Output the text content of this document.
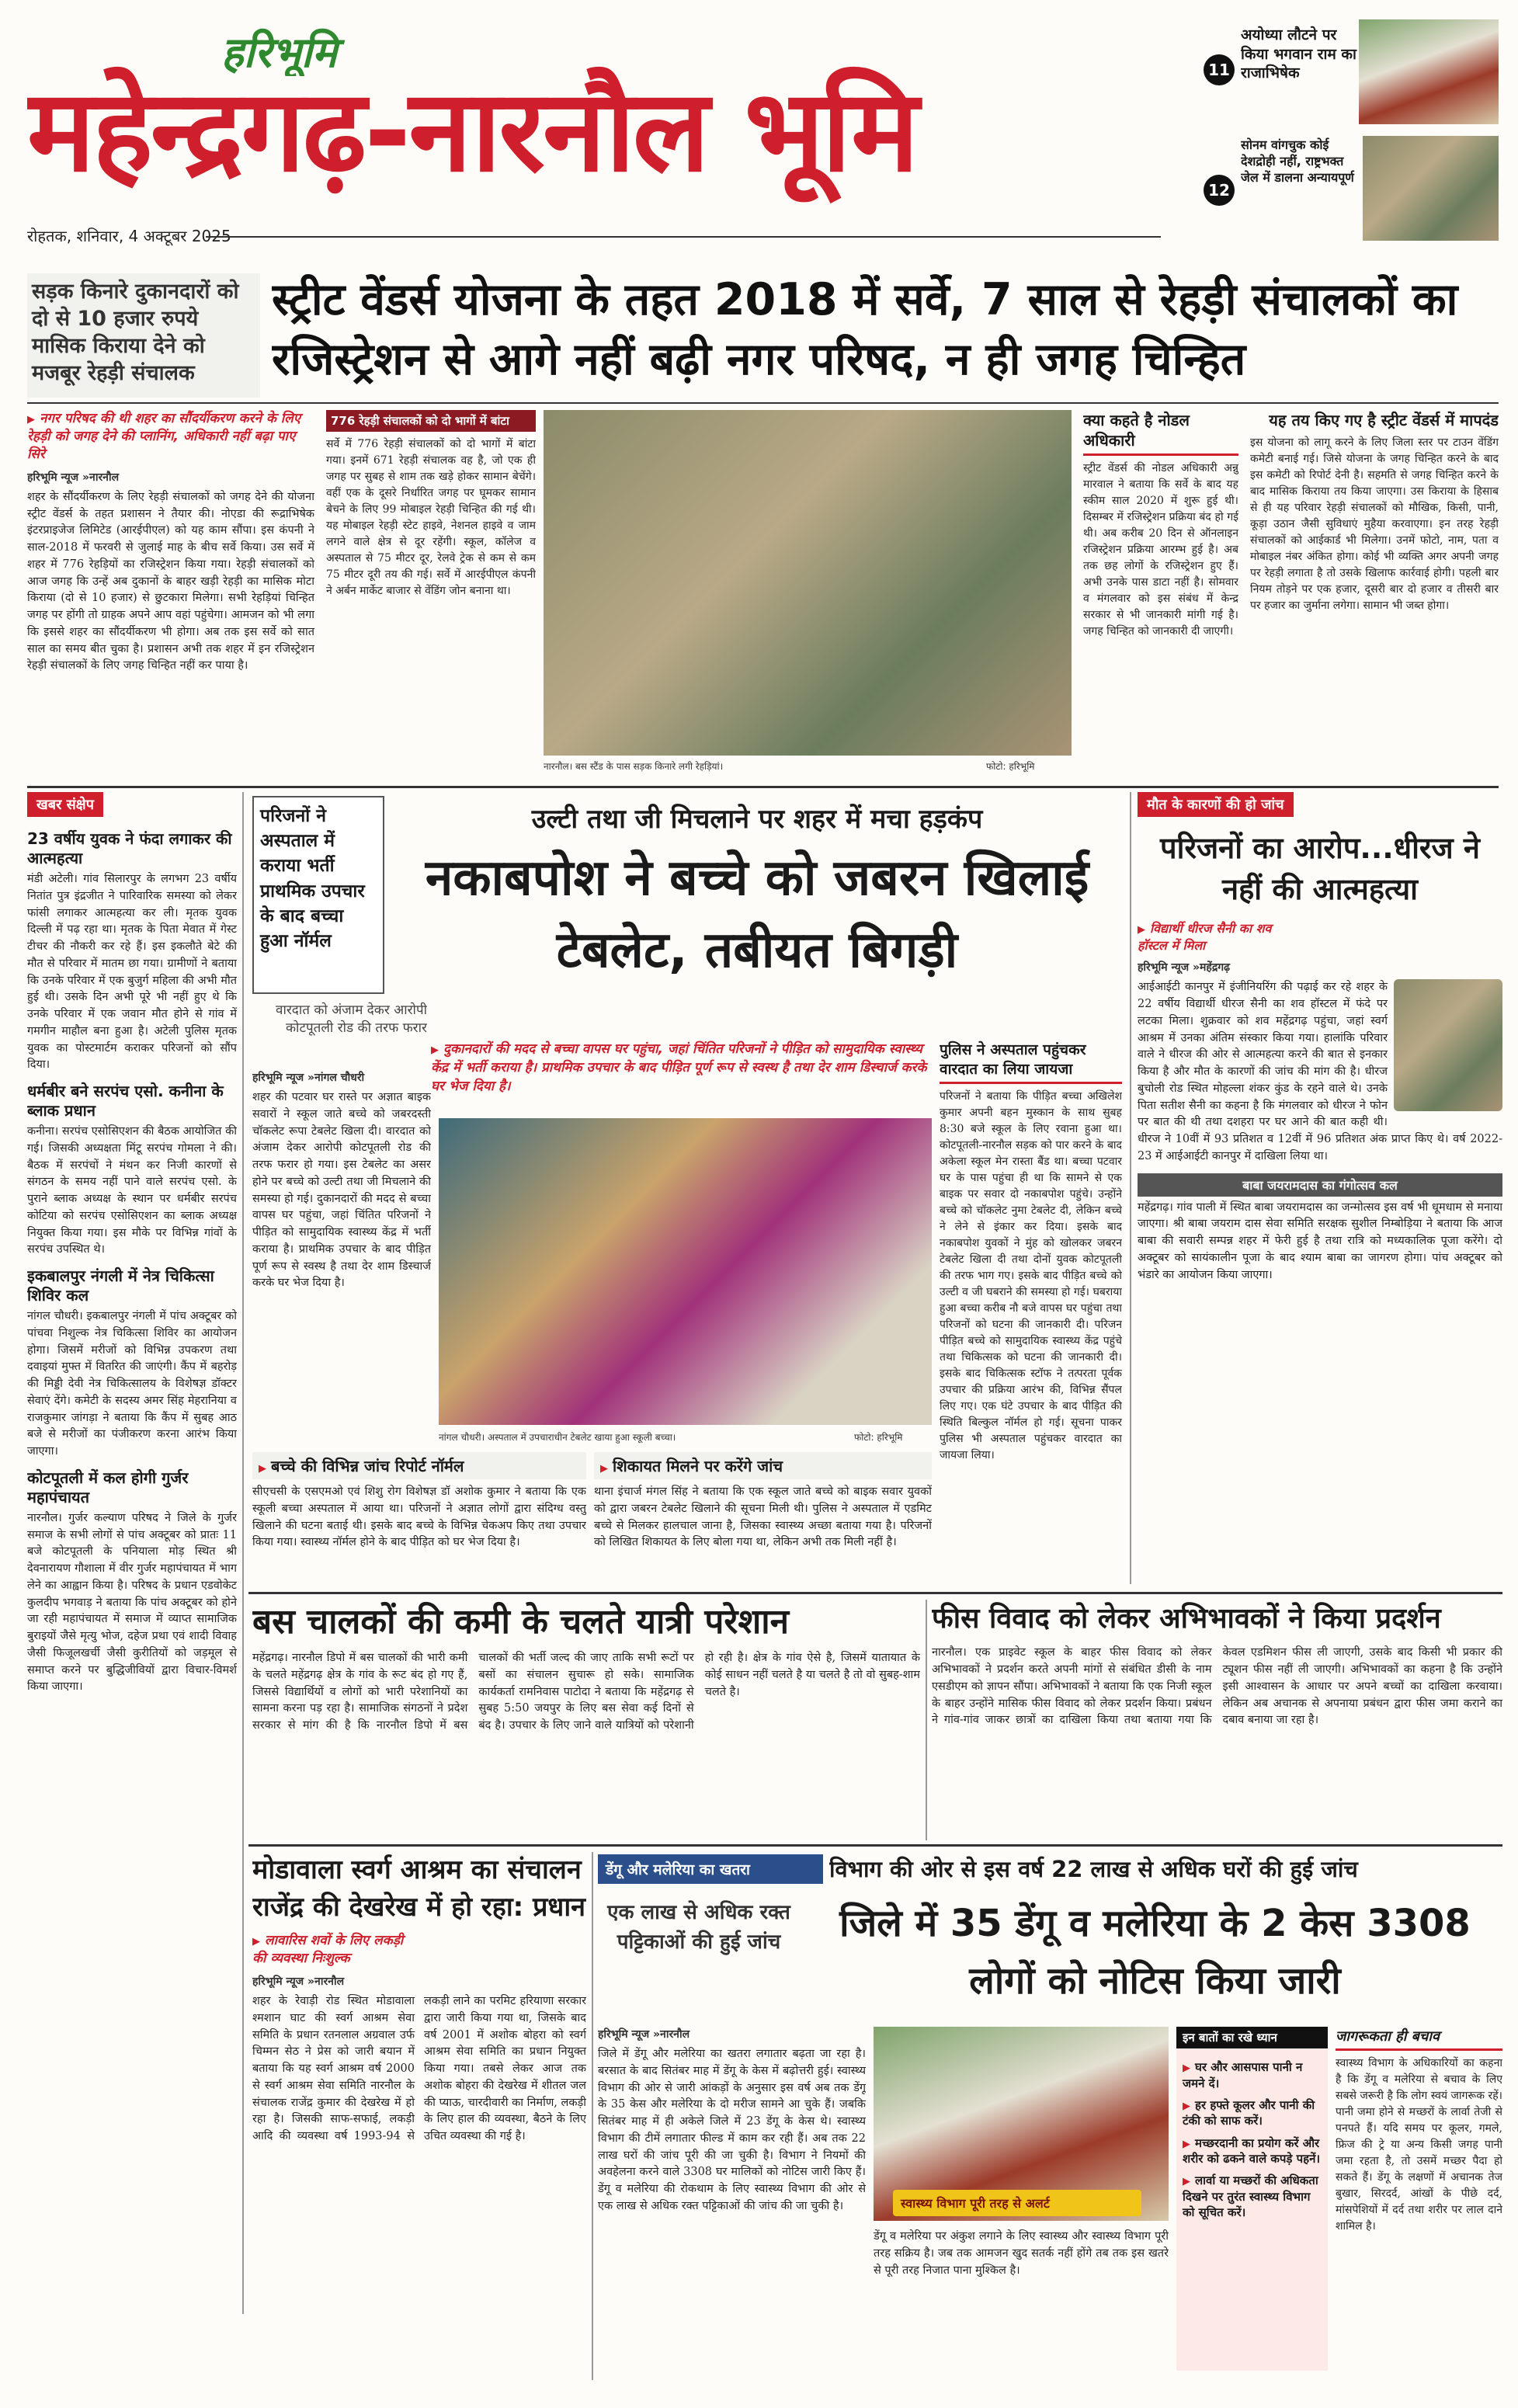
हरिभूमि
महेन्द्रगढ़-नारनौल भूमि
रोहतक, शनिवार, 4 अक्टूबर 2025
11
अयोध्या लौटने पर किया भगवान राम का राजाभिषेक
12
सोनम वांगचुक कोई देशद्रोही नहीं, राष्ट्रभक्त जेल में डालना अन्यायपूर्ण
सड़क किनारे दुकानदारों को दो से 10 हजार रुपये मासिक किराया देने को मजबूर रेहड़ी संचालक
स्ट्रीट वेंडर्स योजना के तहत 2018 में सर्वे, 7 साल से रेहड़ी संचालकों का रजिस्ट्रेशन से आगे नहीं बढ़ी नगर परिषद, न ही जगह चिन्हित
▶ नगर परिषद की थी शहर का सौंदर्यीकरण करने के लिए रेहड़ी को जगह देने की प्लानिंग, अधिकारी नहीं बढ़ा पाए सिरे
हरिभूमि न्यूज »नारनौल
शहर के सौंदर्यीकरण के लिए रेहड़ी संचालकों को जगह देने की योजना स्ट्रीट वेंडर्स के तहत प्रशासन ने तैयार की। नोएडा की रूद्राभिषेक इंटरप्राइजेज लिमिटेड (आरईपीएल) को यह काम सौंपा। इस कंपनी ने साल-2018 में फरवरी से जुलाई माह के बीच सर्वे किया। उस सर्वे में शहर में 776 रेहड़ियों का रजिस्ट्रेशन किया गया। रेहड़ी संचालकों को आज जगह कि उन्हें अब दुकानों के बाहर खड़ी रेहड़ी का मासिक मोटा किराया (दो से 10 हजार) से छुटकारा मिलेगा। सभी रेहड़ियां चिन्हित जगह पर होंगी तो ग्राहक अपने आप वहां पहुंचेगा। आमजन को भी लगा कि इससे शहर का सौंदर्यीकरण भी होगा। अब तक इस सर्वे को सात साल का समय बीत चुका है। प्रशासन अभी तक शहर में इन रजिस्ट्रेशन रेहड़ी संचालकों के लिए जगह चिन्हित नहीं कर पाया है।
776 रेहड़ी संचालकों को दो भागों में बांटा
सर्वे में 776 रेहड़ी संचालकों को दो भागों में बांटा गया। इनमें 671 रेहड़ी संचालक वह है, जो एक ही जगह पर सुबह से शाम तक खड़े होकर सामान बेचेंगे। वहीं एक के दूसरे निर्धारित जगह पर घूमकर सामान बेचने के लिए 99 मोबाइल रेहड़ी चिन्हित की गई थी। यह मोबाइल रेहड़ी स्टेट हाइवे, नेशनल हाइवे व जाम लगने वाले क्षेत्र से दूर रहेंगी। स्कूल, कॉलेज व अस्पताल से 75 मीटर दूर, रेलवे ट्रेक से कम से कम 75 मीटर दूरी तय की गई। सर्वे में आरईपीएल कंपनी ने अर्बन मार्केट बाजार से वेंडिंग जोन बनाना था।
नारनौल। बस स्टैंड के पास सड़क किनारे लगी रेहड़ियां।	फोटो: हरिभूमि
क्या कहते है नोडल अधिकारी
स्ट्रीट वेंडर्स की नोडल अधिकारी अन्नु मारवाल ने बताया कि सर्वे के बाद यह स्कीम साल 2020 में शुरू हुई थी। दिसम्बर में रजिस्ट्रेशन प्रक्रिया बंद हो गई थी। अब करीब 20 दिन से ऑनलाइन रजिस्ट्रेशन प्रक्रिया आरम्भ हुई है। अब तक छह लोगों के रजिस्ट्रेशन हुए हैं। अभी उनके पास डाटा नहीं है। सोमवार व मंगलवार को इस संबंध में केन्द्र सरकार से भी जानकारी मांगी गई है। जगह चिन्हित को जानकारी दी जाएगी।
यह तय किए गए है स्ट्रीट वेंडर्स में मापदंड
इस योजना को लागू करने के लिए जिला स्तर पर टाउन वेंडिंग कमेटी बनाई गई। जिसे योजना के जगह चिन्हित करने के बाद इस कमेटी को रिपोर्ट देनी है। सहमति से जगह चिन्हित करने के बाद मासिक किराया तय किया जाएगा। उस किराया के हिसाब से ही यह परिवार रेहड़ी संचालकों को मौखिक, किसी, पानी, कूड़ा उठान जैसी सुविधाएं मुहैया करवाएगा। इन तरह रेहड़ी संचालकों को आईकार्ड भी मिलेगा। उनमें फोटो, नाम, पता व मोबाइल नंबर अंकित होगा। कोई भी व्यक्ति अगर अपनी जगह पर रेहड़ी लगाता है तो उसके खिलाफ कार्रवाई होगी। पहली बार नियम तोड़ने पर एक हजार, दूसरी बार दो हजार व तीसरी बार पर हजार का जुर्माना लगेगा। सामान भी जब्त होगा।
खबर संक्षेप
23 वर्षीय युवक ने फंदा लगाकर की आत्महत्या
मंडी अटेली। गांव सिलारपुर के लगभग 23 वर्षीय नितांत पुत्र इंद्रजीत ने पारिवारिक समस्या को लेकर फांसी लगाकर आत्महत्या कर ली। मृतक युवक दिल्ली में पढ़ रहा था। मृतक के पिता मेवात में गेस्ट टीचर की नौकरी कर रहे हैं। इस इकलौते बेटे की मौत से परिवार में मातम छा गया। ग्रामीणों ने बताया कि उनके परिवार में एक बुजुर्ग महिला की अभी मौत हुई थी। उसके दिन अभी पूरे भी नहीं हुए थे कि उनके परिवार में एक जवान मौत होने से गांव में गमगीन माहौल बना हुआ है। अटेली पुलिस मृतक युवक का पोस्टमार्टम कराकर परिजनों को सौंप दिया।
धर्मबीर बने सरपंच एसो. कनीना के ब्लाक प्रधान
कनीना। सरपंच एसोसिएशन की बैठक आयोजित की गई। जिसकी अध्यक्षता मिंटू सरपंच गोमला ने की। बैठक में सरपंचों ने मंथन कर निजी कारणों से संगठन के समय नहीं पाने वाले सरपंच एसो. के पुराने ब्लाक अध्यक्ष के स्थान पर धर्मबीर सरपंच कोटिया को सरपंच एसोसिएशन का ब्लाक अध्यक्ष नियुक्त किया गया। इस मौके पर विभिन्न गांवों के सरपंच उपस्थित थे।
इकबालपुर नंगली में नेत्र चिकित्सा शिविर कल
नांगल चौधरी। इकबालपुर नंगली में पांच अक्टूबर को पांचवा निशुल्क नेत्र चिकित्सा शिविर का आयोजन होगा। जिसमें मरीजों को विभिन्न उपकरण तथा दवाइयां मुफ्त में वितरित की जाएंगी। कैंप में बहरोड़ की मिड्डी देवी नेत्र चिकित्सालय के विशेषज्ञ डॉक्टर सेवाएं देंगे। कमेटी के सदस्य अमर सिंह मेहरानिया व राजकुमार जांगड़ा ने बताया कि कैंप में सुबह आठ बजे से मरीजों का पंजीकरण करना आरंभ किया जाएगा।
कोटपूतली में कल होगी गुर्जर महापंचायत
नारनौल। गुर्जर कल्याण परिषद ने जिले के गुर्जर समाज के सभी लोगों से पांच अक्टूबर को प्रातः 11 बजे कोटपूतली के पनियाला मोड़ स्थित श्री देवनारायण गौशाला में वीर गुर्जर महापंचायत में भाग लेने का आह्वान किया है। परिषद के प्रधान एडवोकेट कुलदीप भगवाड़ ने बताया कि पांच अक्टूबर को होने जा रही महापंचायत में समाज में व्याप्त सामाजिक बुराइयों जैसे मृत्यु भोज, दहेज प्रथा एवं शादी विवाह जैसी फिजूलखर्ची जैसी कुरीतियों को जड़मूल से समाप्त करने पर बुद्धिजीवियों द्वारा विचार-विमर्श किया जाएगा।
परिजनों ने अस्पताल में कराया भर्ती प्राथमिक उपचार के बाद बच्चा हुआ नॉर्मल
वारदात को अंजाम देकर आरोपी कोटपूतली रोड की तरफ फरार
उल्टी तथा जी मिचलाने पर शहर में मचा हड़कंप
नकाबपोश ने बच्चे को जबरन खिलाई टेबलेट, तबीयत बिगड़ी
▶ दुकानदारों की मदद से बच्चा वापस घर पहुंचा, जहां चिंतित परिजनों ने पीड़ित को सामुदायिक स्वास्थ्य केंद्र में भर्ती कराया है। प्राथमिक उपचार के बाद पीड़ित पूर्ण रूप से स्वस्थ है तथा देर शाम डिस्चार्ज करके घर भेज दिया है।
हरिभूमि न्यूज »नांगल चौधरी
शहर की पटवार घर रास्ते पर अज्ञात बाइक सवारों ने स्कूल जाते बच्चे को जबरदस्ती चॉकलेट रूपा टेबलेट खिला दी। वारदात को अंजाम देकर आरोपी कोटपूतली रोड की तरफ फरार हो गया। इस टेबलेट का असर होने पर बच्चे को उल्टी तथा जी मिचलाने की समस्या हो गई। दुकानदारों की मदद से बच्चा वापस घर पहुंचा, जहां चिंतित परिजनों ने पीड़ित को सामुदायिक स्वास्थ्य केंद्र में भर्ती कराया है। प्राथमिक उपचार के बाद पीड़ित पूर्ण रूप से स्वस्थ है तथा देर शाम डिस्चार्ज करके घर भेज दिया है।
नांगल चौधरी। अस्पताल में उपचाराधीन टेबलेट खाया हुआ स्कूली बच्चा।	फोटो: हरिभूमि
▶ बच्चे की विभिन्न जांच रिपोर्ट नॉर्मल
सीएचसी के एसएमओ एवं शिशु रोग विशेषज्ञ डॉ अशोक कुमार ने बताया कि एक स्कूली बच्चा अस्पताल में आया था। परिजनों ने अज्ञात लोगों द्वारा संदिग्ध वस्तु खिलाने की घटना बताई थी। इसके बाद बच्चे के विभिन्न चेकअप किए तथा उपचार किया गया। स्वास्थ्य नॉर्मल होने के बाद पीड़ित को घर भेज दिया है।
▶ शिकायत मिलने पर करेंगे जांच
थाना इंचार्ज मंगल सिंह ने बताया कि एक स्कूल जाते बच्चे को बाइक सवार युवकों को द्वारा जबरन टेबलेट खिलाने की सूचना मिली थी। पुलिस ने अस्पताल में एडमिट बच्चे से मिलकर हालचाल जाना है, जिसका स्वास्थ्य अच्छा बताया गया है। परिजनों को लिखित शिकायत के लिए बोला गया था, लेकिन अभी तक मिली नहीं है।
पुलिस ने अस्पताल पहुंचकर वारदात का लिया जायजा
परिजनों ने बताया कि पीड़ित बच्चा अखिलेश कुमार अपनी बहन मुस्कान के साथ सुबह 8:30 बजे स्कूल के लिए रवाना हुआ था। कोटपूतली-नारनौल सड़क को पार करने के बाद अकेला स्कूल मेन रास्ता बैंड था। बच्चा पटवार घर के पास पहुंचा ही था कि सामने से एक बाइक पर सवार दो नकाबपोश पहुंचे। उन्होंने बच्चे को चॉकलेट नुमा टेबलेट दी, लेकिन बच्चे ने लेने से इंकार कर दिया। इसके बाद नकाबपोश युवकों ने मुंह को खोलकर जबरन टेबलेट खिला दी तथा दोनों युवक कोटपूतली की तरफ भाग गए। इसके बाद पीड़ित बच्चे को उल्टी व जी घबराने की समस्या हो गई। घबराया हुआ बच्चा करीब नौ बजे वापस घर पहुंचा तथा परिजनों को घटना की जानकारी दी। परिजन पीड़ित बच्चे को सामुदायिक स्वास्थ्य केंद्र पहुंचे तथा चिकित्सक को घटना की जानकारी दी। इसके बाद चिकित्सक स्टॉफ ने तत्परता पूर्वक उपचार की प्रक्रिया आरंभ की, विभिन्न सैंपल लिए गए। एक घंटे उपचार के बाद पीड़ित की स्थिति बिल्कुल नॉर्मल हो गई। सूचना पाकर पुलिस भी अस्पताल पहुंचकर वारदात का जायजा लिया।
मौत के कारणों की हो जांच
परिजनों का आरोप...धीरज ने नहीं की आत्महत्या
▶ विद्यार्थी धीरज सैनी का शव हॉस्टल में मिला
हरिभूमि न्यूज »महेंद्रगढ़
आईआईटी कानपुर में इंजीनियरिंग की पढ़ाई कर रहे शहर के 22 वर्षीय विद्यार्थी धीरज सैनी का शव हॉस्टल में फंदे पर लटका मिला। शुक्रवार को शव महेंद्रगढ़ पहुंचा, जहां स्वर्ग आश्रम में उनका अंतिम संस्कार किया गया। हालांकि परिवार वाले ने धीरज की ओर से आत्महत्या करने की बात से इनकार किया है और मौत के कारणों की जांच की मांग की है। धीरज बुचोली रोड स्थित मोहल्ला शंकर कुंड के रहने वाले थे। उनके पिता सतीश सैनी का कहना है कि मंगलवार को धीरज ने फोन पर बात की थी तथा दशहरा पर घर आने की बात कही थी। धीरज ने 10वीं में 93 प्रतिशत व 12वीं में 96 प्रतिशत अंक प्राप्त किए थे। वर्ष 2022-23 में आईआईटी कानपुर में दाखिला लिया था।
बाबा जयरामदास का गंगोत्सव कल
महेंद्रगढ़। गांव पाली में स्थित बाबा जयरामदास का जन्मोत्सव इस वर्ष भी धूमधाम से मनाया जाएगा। श्री बाबा जयराम दास सेवा समिति सरक्षक सुशील निम्बोड़िया ने बताया कि आज बाबा की सवारी सम्पन्न शहर में फेरी हुई है तथा रात्रि को मध्यकालिक पूजा करेंगे। दो अक्टूबर को सायंकालीन पूजा के बाद श्याम बाबा का जागरण होगा। पांच अक्टूबर को भंडारे का आयोजन किया जाएगा।
बस चालकों की कमी के चलते यात्री परेशान
महेंद्रगढ़। नारनौल डिपो में बस चालकों की भारी कमी के चलते महेंद्रगढ़ क्षेत्र के गांव के रूट बंद हो गए हैं, जिससे विद्यार्थियों व लोगों को भारी परेशानियों का सामना करना पड़ रहा है। सामाजिक संगठनों ने प्रदेश सरकार से मांग की है कि नारनौल डिपो में बस चालकों की भर्ती जल्द की जाए ताकि सभी रूटों पर बसों का संचालन सुचारू हो सके। सामाजिक कार्यकर्ता रामनिवास पाटोदा ने बताया कि महेंद्रगढ़ से सुबह 5:50 जयपुर के लिए बस सेवा कई दिनों से बंद है। उपचार के लिए जाने वाले यात्रियों को परेशानी हो रही है। क्षेत्र के गांव ऐसे है, जिसमें यातायात के कोई साधन नहीं चलते है या चलते है तो वो सुबह-शाम चलते है।
फीस विवाद को लेकर अभिभावकों ने किया प्रदर्शन
नारनौल। एक प्राइवेट स्कूल के बाहर फीस विवाद को लेकर अभिभावकों ने प्रदर्शन करते अपनी मांगों से संबंधित डीसी के नाम एसडीएम को ज्ञापन सौंपा। अभिभावकों ने बताया कि एक निजी स्कूल के बाहर उन्होंने मासिक फीस विवाद को लेकर प्रदर्शन किया। प्रबंधन ने गांव-गांव जाकर छात्रों का दाखिला किया तथा बताया गया कि केवल एडमिशन फीस ली जाएगी, उसके बाद किसी भी प्रकार की ट्यूशन फीस नहीं ली जाएगी। अभिभावकों का कहना है कि उन्होंने इसी आश्वासन के आधार पर अपने बच्चों का दाखिला करवाया। लेकिन अब अचानक से अपनाया प्रबंधन द्वारा फीस जमा कराने का दबाव बनाया जा रहा है।
मोडावाला स्वर्ग आश्रम का संचालन राजेंद्र की देखरेख में हो रहा: प्रधान
▶ लावारिस शवों के लिए लकड़ी की व्यवस्था निःशुल्क
हरिभूमि न्यूज »नारनौल
शहर के रेवाड़ी रोड स्थित मोडावाला श्मशान घाट की स्वर्ग आश्रम सेवा समिति के प्रधान रतनलाल अग्रवाल उर्फ चिम्मन सेठ ने प्रेस को जारी बयान में बताया कि यह स्वर्ग आश्रम वर्ष 2000 से स्वर्ग आश्रम सेवा समिति नारनौल के संचालक राजेंद्र कुमार की देखरेख में हो रहा है। जिसकी साफ-सफाई, लकड़ी आदि की व्यवस्था वर्ष 1993-94 से लकड़ी लाने का परमिट हरियाणा सरकार द्वारा जारी किया गया था, जिसके बाद वर्ष 2001 में अशोक बोहरा को स्वर्ग आश्रम सेवा समिति का प्रधान नियुक्त किया गया। तबसे लेकर आज तक अशोक बोहरा की देखरेख में शीतल जल की प्याऊ, चारदीवारी का निर्माण, लकड़ी के लिए हाल की व्यवस्था, बैठने के लिए उचित व्यवस्था की गई है।
डेंगू और मलेरिया का खतरा	विभाग की ओर से इस वर्ष 22 लाख से अधिक घरों की हुई जांच
एक लाख से अधिक रक्त पट्टिकाओं की हुई जांच	जिले में 35 डेंगू व मलेरिया के 2 केस 3308 लोगों को नोटिस किया जारी
हरिभूमि न्यूज »नारनौल
जिले में डेंगू और मलेरिया का खतरा लगातार बढ़ता जा रहा है। बरसात के बाद सितंबर माह में डेंगू के केस में बढ़ोत्तरी हुई। स्वास्थ्य विभाग की ओर से जारी आंकड़ों के अनुसार इस वर्ष अब तक डेंगू के 35 केस और मलेरिया के दो मरीज सामने आ चुके हैं। जबकि सितंबर माह में ही अकेले जिले में 23 डेंगू के केस थे। स्वास्थ्य विभाग की टीमें लगातार फील्ड में काम कर रही हैं। अब तक 22 लाख घरों की जांच पूरी की जा चुकी है। विभाग ने नियमों की अवहेलना करने वाले 3308 घर मालिकों को नोटिस जारी किए हैं। डेंगू व मलेरिया की रोकथाम के लिए स्वास्थ्य विभाग की ओर से एक लाख से अधिक रक्त पट्टिकाओं की जांच की जा चुकी है।	स्वास्थ्य विभाग पूरी तरह से अलर्ट
डेंगू व मलेरिया पर अंकुश लगाने के लिए स्वास्थ्य और स्वास्थ्य विभाग पूरी तरह सक्रिय है। जब तक आमजन खुद सतर्क नहीं होंगे तब तक इस खतरे से पूरी तरह निजात पाना मुश्किल है।
इन बातों का रखे ध्यान
▶ घर और आसपास पानी न जमने दें।
▶ हर हफ्ते कूलर और पानी की टंकी को साफ करें।
▶ मच्छरदानी का प्रयोग करें और शरीर को ढकने वाले कपड़े पहनें।
▶ लार्वा या मच्छरों की अधिकता दिखने पर तुरंत स्वास्थ्य विभाग को सूचित करें।
जागरूकता ही बचाव
स्वास्थ्य विभाग के अधिकारियों का कहना है कि डेंगू व मलेरिया से बचाव के लिए सबसे जरूरी है कि लोग स्वयं जागरूक रहें। पानी जमा होने से मच्छरों के लार्वा तेजी से पनपते हैं। यदि समय पर कूलर, गमले, फ्रिज की ट्रे या अन्य किसी जगह पानी जमा रहता है, तो उसमें मच्छर पैदा हो सकते हैं। डेंगू के लक्षणों में अचानक तेज बुखार, सिरदर्द, आंखों के पीछे दर्द, मांसपेशियों में दर्द तथा शरीर पर लाल दाने शामिल है।
